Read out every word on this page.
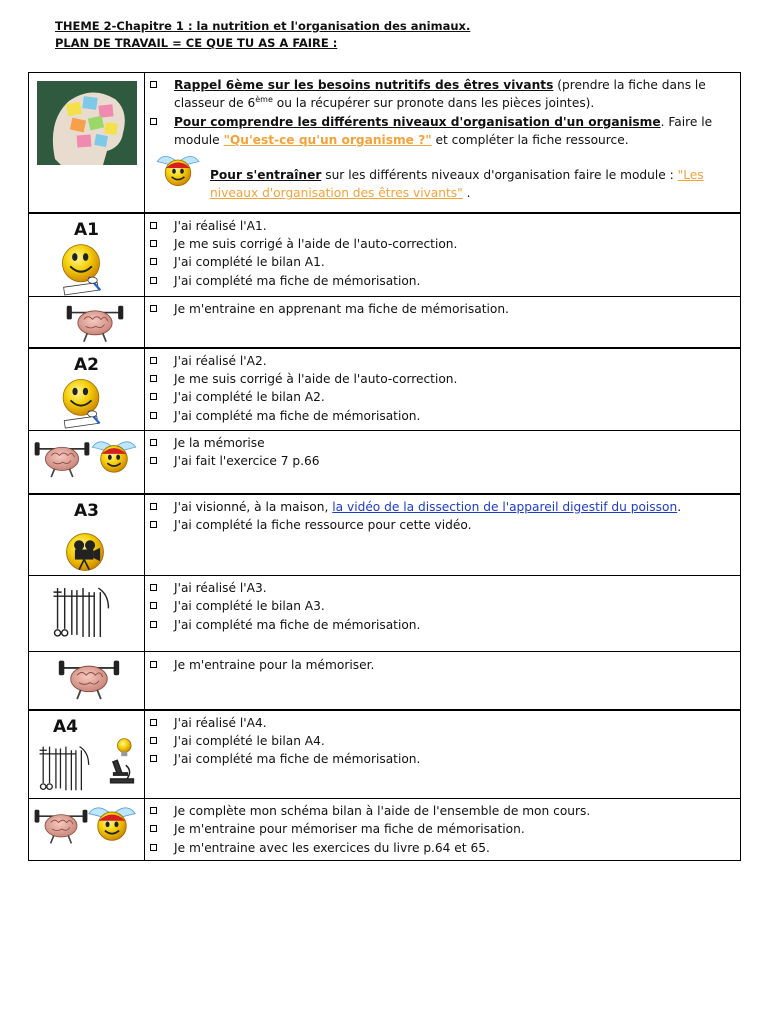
THEME 2-Chapitre 1 : la nutrition et l'organisation des animaux.
PLAN DE TRAVAIL = CE QUE TU AS A FAIRE :

Rappel 6ème sur les besoins nutritifs des êtres vivants (prendre la fiche dans le classeur de 6ème ou la récupérer sur pronote dans les pièces jointes).
Pour comprendre les différents niveaux d'organisation d'un organisme. Faire le module "Qu'est-ce qu'un organisme ?" et compléter la fiche ressource.
Pour s'entraîner sur les différents niveaux d'organisation faire le module : "Les niveaux d'organisation des êtres vivants" .

A1	J'ai réalisé l'A1.
Je me suis corrigé à l'aide de l'auto-correction.
J'ai complété le bilan A1.
J'ai complété ma fiche de mémorisation.

Je m'entraine en apprenant ma fiche de mémorisation.

A2	J'ai réalisé l'A2.
Je me suis corrigé à l'aide de l'auto-correction.
J'ai complété le bilan A2.
J'ai complété ma fiche de mémorisation.

Je la mémorise
J'ai fait l'exercice 7 p.66

A3	J'ai visionné, à la maison, la vidéo de la dissection de l'appareil digestif du poisson.
J'ai complété la fiche ressource pour cette vidéo.

J'ai réalisé l'A3.
J'ai complété le bilan A3.
J'ai complété ma fiche de mémorisation.

Je m'entraine pour la mémoriser.

A4	J'ai réalisé l'A4.
J'ai complété le bilan A4.
J'ai complété ma fiche de mémorisation.

Je complète mon schéma bilan à l'aide de l'ensemble de mon cours.
Je m'entraine pour mémoriser ma fiche de mémorisation.
Je m'entraine avec les exercices du livre p.64 et 65.
